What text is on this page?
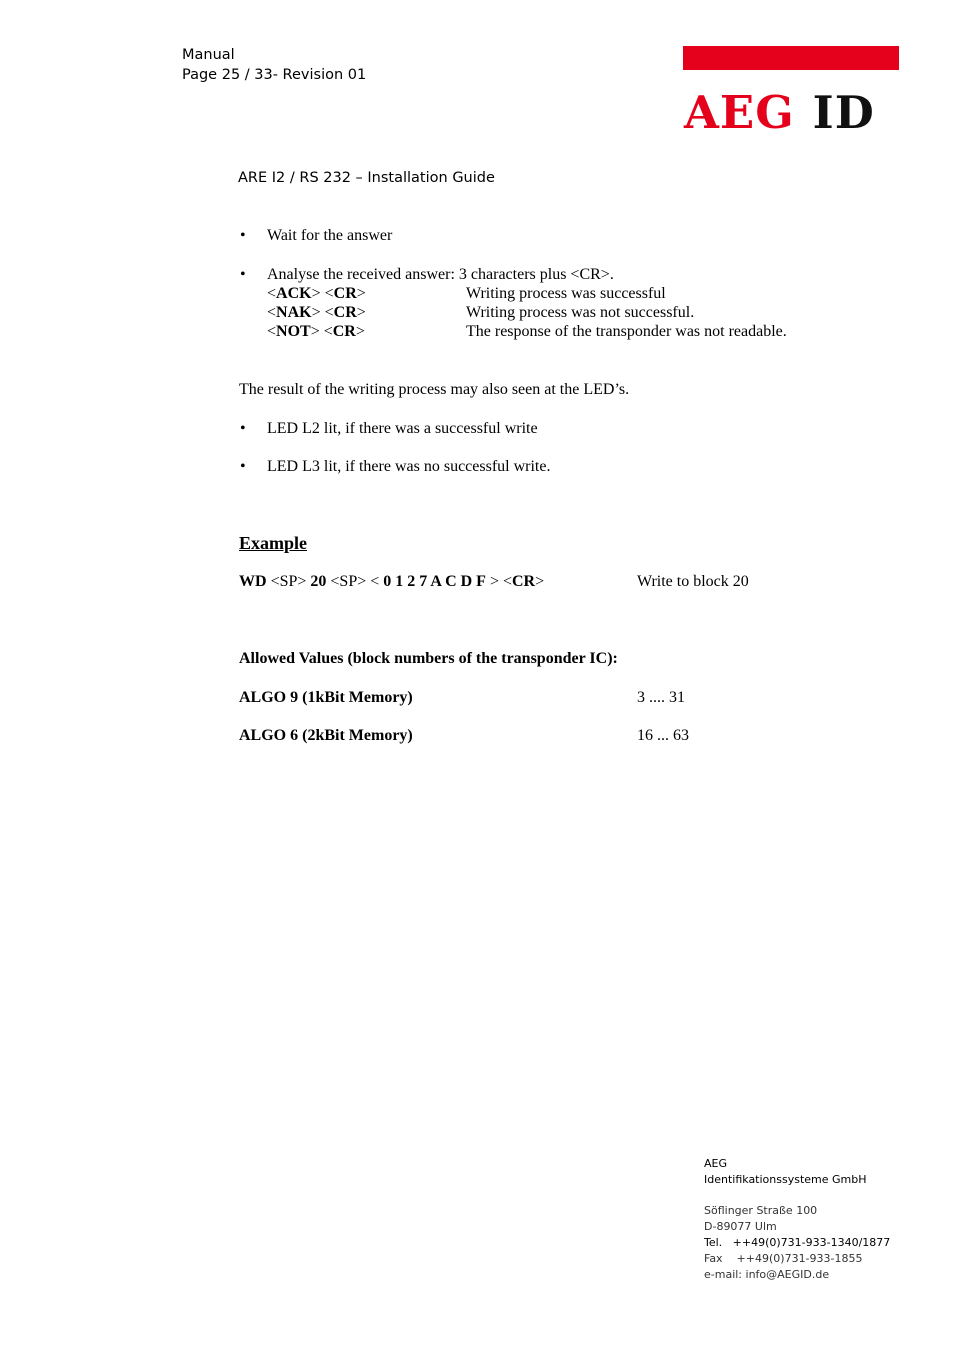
Manual
Page 25 / 33- Revision 01
AEG ID
ARE I2 / RS 232 – Installation Guide
• Wait for the answer
• Analyse the received answer: 3 characters plus <CR>.
<ACK> <CR>	Writing process was successful
<NAK> <CR>	Writing process was not successful.
<NOT> <CR>	The response of the transponder was not readable.
The result of the writing process may also seen at the LED’s.
• LED L2 lit, if there was a successful write
• LED L3 lit, if there was no successful write.
Example
WD <SP> 20 <SP> < 0 1 2 7 A C D F > <CR>	Write to block 20
Allowed Values (block numbers of the transponder IC):
ALGO 9 (1kBit Memory)	3 .... 31
ALGO 6 (2kBit Memory)	16 ... 63
AEG
Identifikationssysteme GmbH
Söflinger Straße 100
D-89077 Ulm
Tel.   ++49(0)731-933-1340/1877
Fax    ++49(0)731-933-1855
e-mail: info@AEGID.de
